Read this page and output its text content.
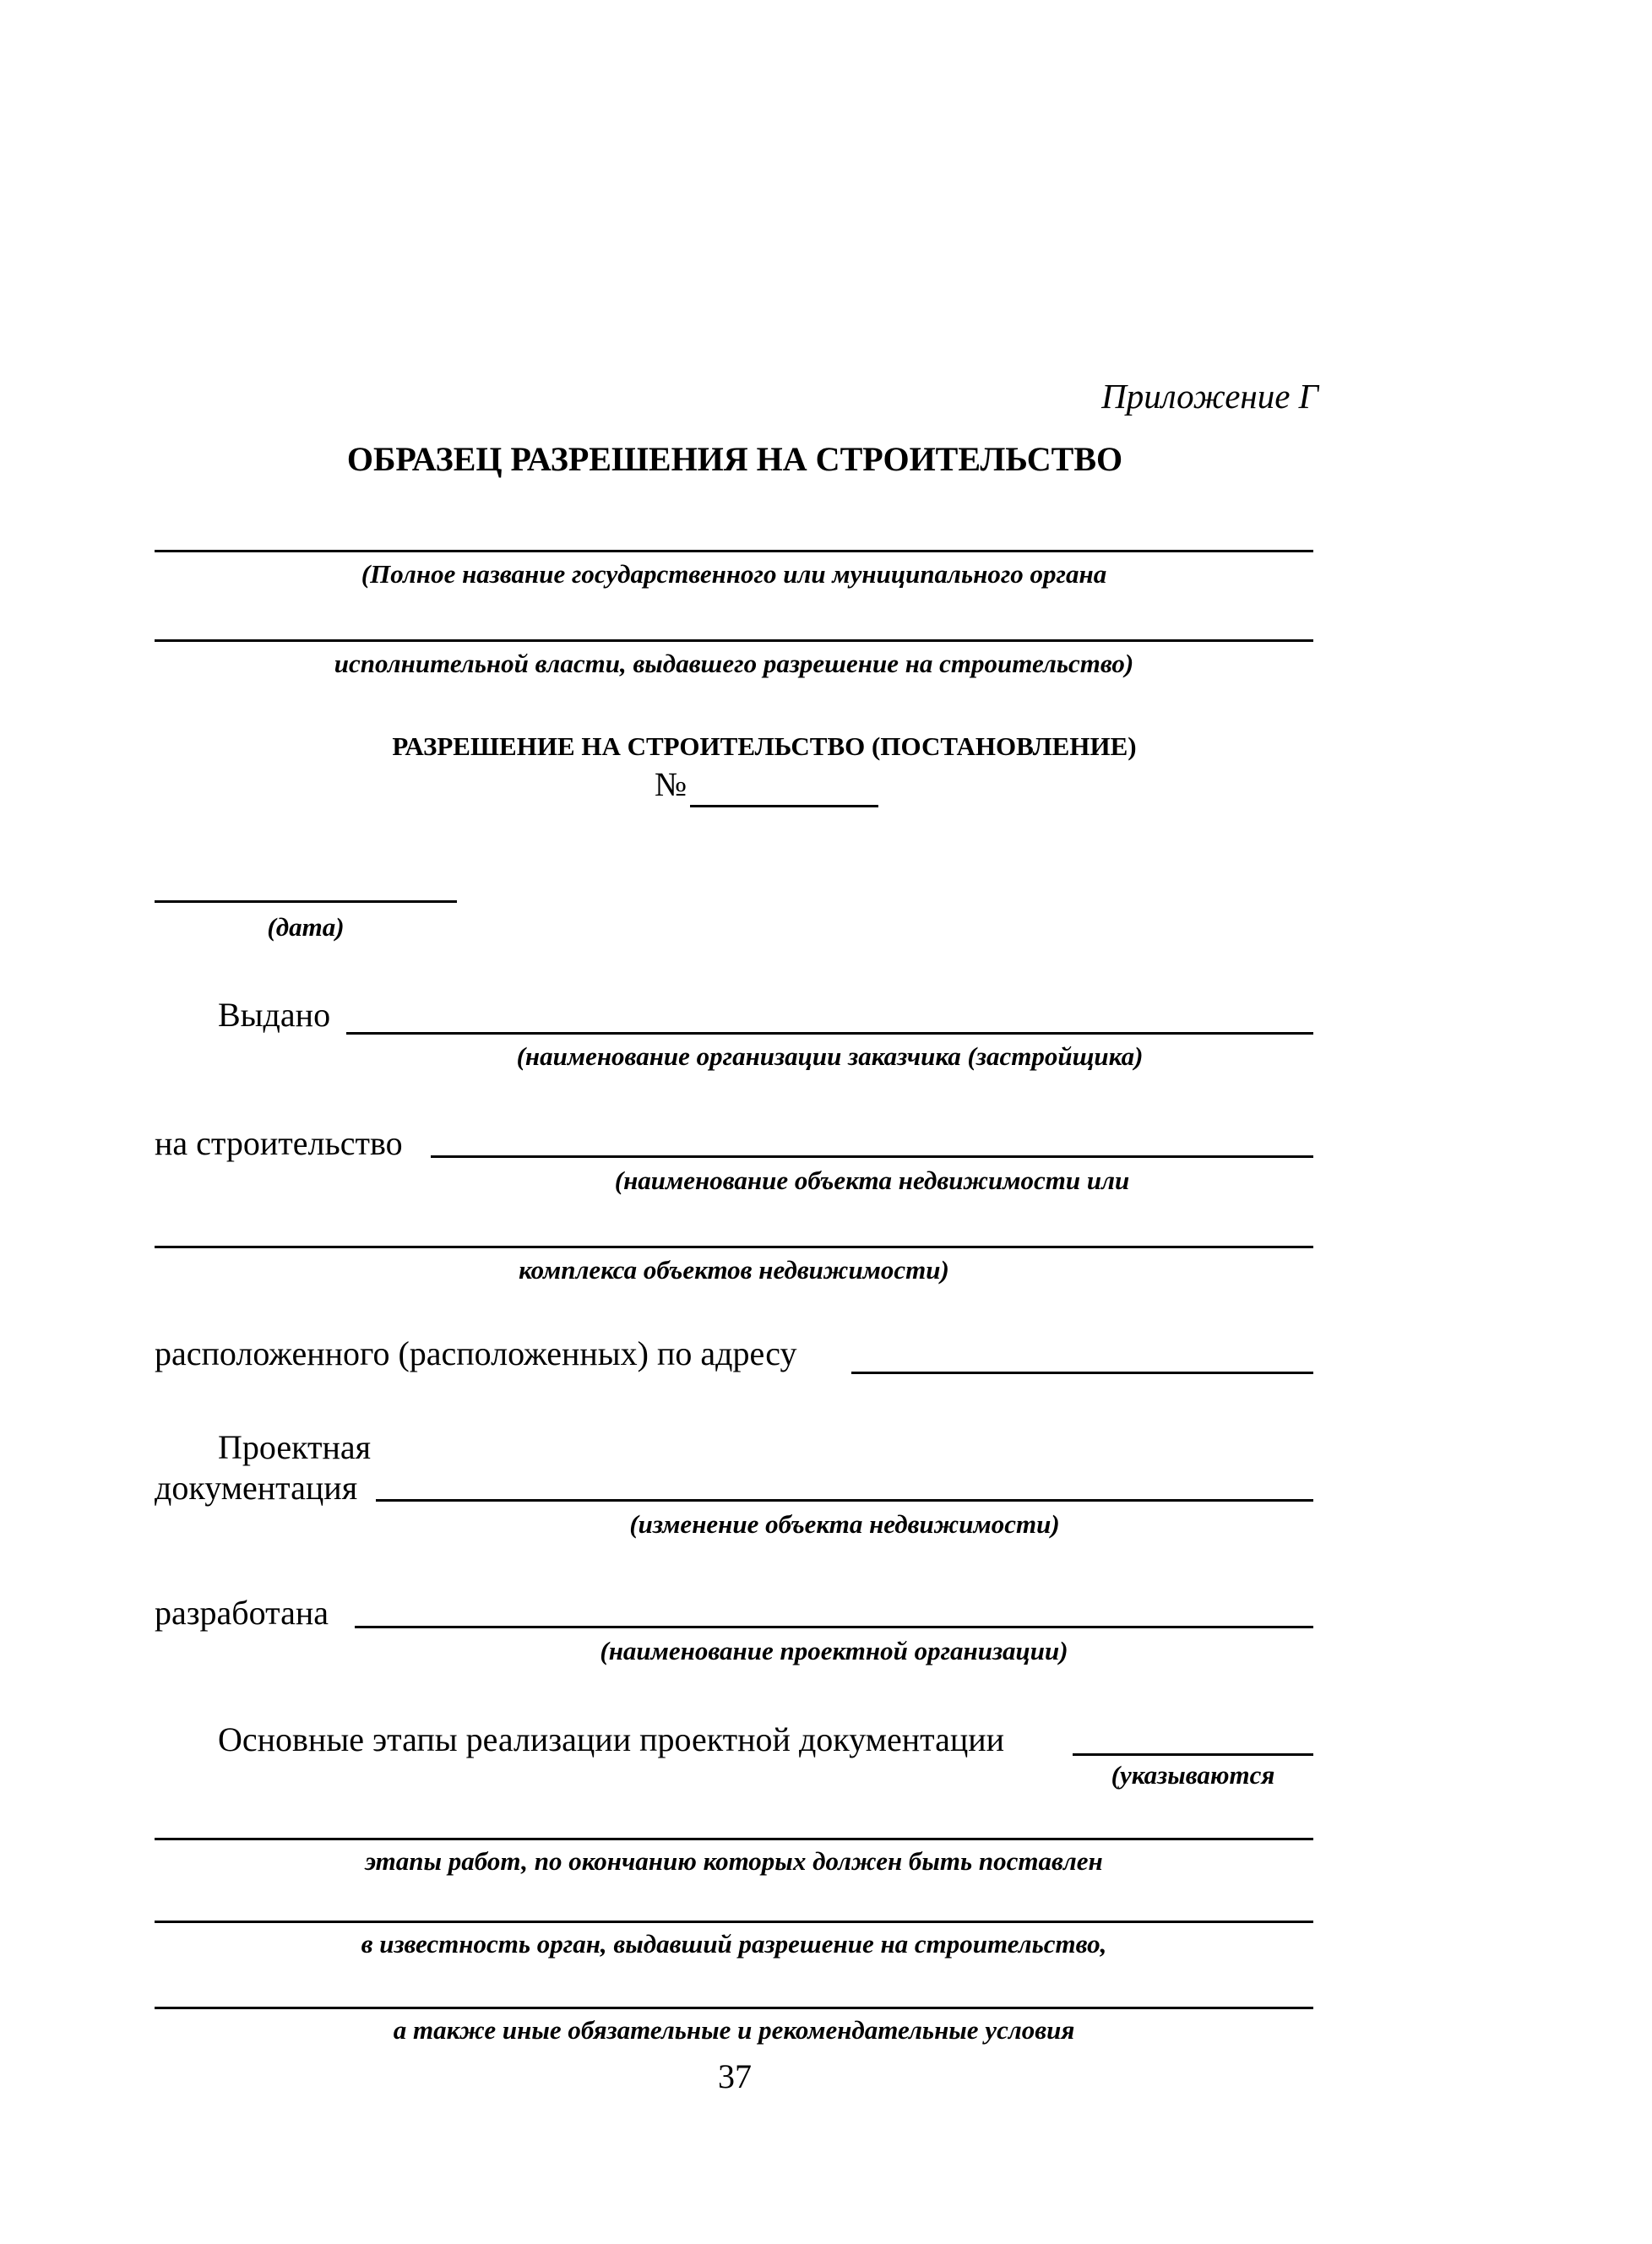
Приложение Г
ОБРАЗЕЦ РАЗРЕШЕНИЯ НА СТРОИТЕЛЬСТВО
(Полное название государственного или муниципального органа
исполнительной власти, выдавшего разрешение на строительство)
РАЗРЕШЕНИЕ НА СТРОИТЕЛЬСТВО (ПОСТАНОВЛЕНИЕ)
№
(дата)
Выдано
(наименование организации заказчика (застройщика)
на строительство
(наименование объекта недвижимости или
комплекса объектов недвижимости)
расположенного (расположенных) по адресу
Проектная
документация
(изменение объекта недвижимости)
разработана
(наименование проектной организации)
Основные этапы реализации проектной документации
(указываются
этапы работ, по окончанию которых должен быть поставлен
в известность орган, выдавший разрешение на строительство,
а также иные обязательные и рекомендательные условия
37
